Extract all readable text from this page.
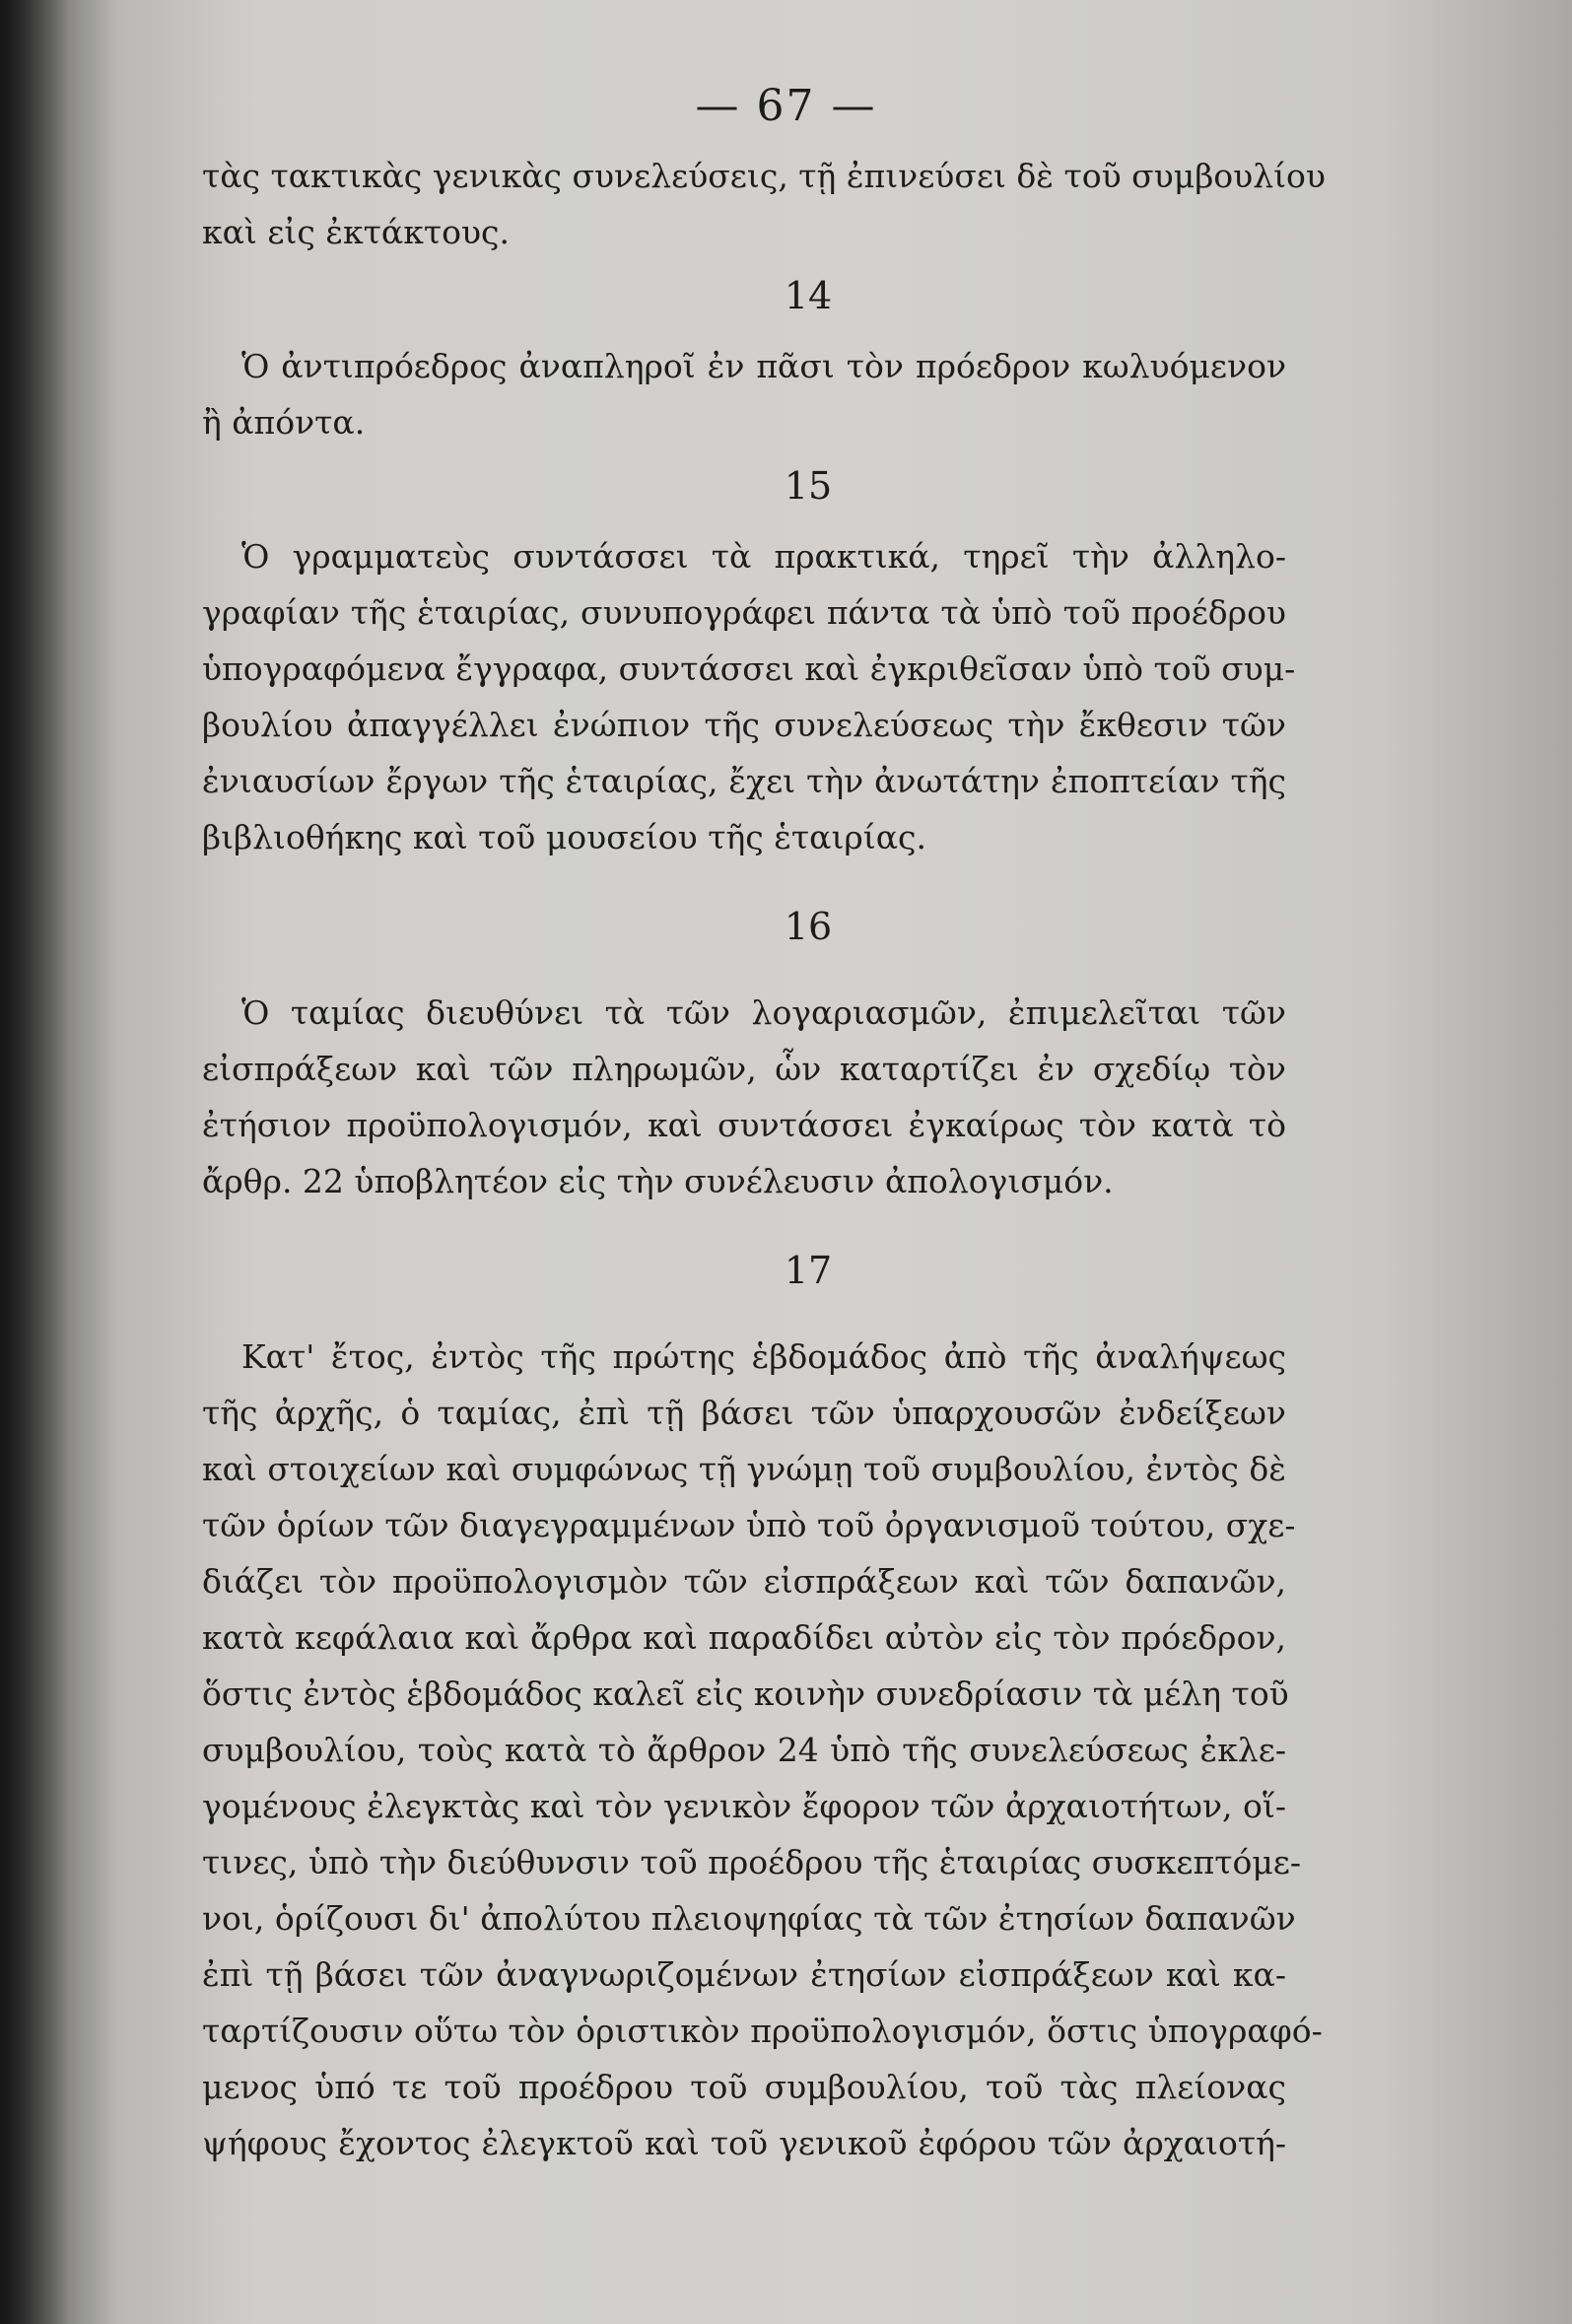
— 67 —
τὰς τακτικὰς γενικὰς συνελεύσεις, τῇ ἐπινεύσει δὲ τοῦ συμβουλίου
καὶ εἰς ἐκτάκτους.
14
Ὁ ἀντιπρόεδρος ἀναπληροῖ ἐν πᾶσι τὸν πρόεδρον κωλυόμενον
ἢ ἀπόντα.
15
Ὁ γραμματεὺς συντάσσει τὰ πρακτικά, τηρεῖ τὴν ἀλληλο-
γραφίαν τῆς ἑταιρίας, συνυπογράφει πάντα τὰ ὑπὸ τοῦ προέδρου
ὑπογραφόμενα ἔγγραφα, συντάσσει καὶ ἐγκριθεῖσαν ὑπὸ τοῦ συμ-
βουλίου ἀπαγγέλλει ἐνώπιον τῆς συνελεύσεως τὴν ἔκθεσιν τῶν
ἐνιαυσίων ἔργων τῆς ἑταιρίας, ἔχει τὴν ἀνωτάτην ἐποπτείαν τῆς
βιβλιοθήκης καὶ τοῦ μουσείου τῆς ἑταιρίας.
16
Ὁ ταμίας διευθύνει τὰ τῶν λογαριασμῶν, ἐπιμελεῖται τῶν
εἰσπράξεων καὶ τῶν πληρωμῶν, ὧν καταρτίζει ἐν σχεδίῳ τὸν
ἐτήσιον προϋπολογισμόν, καὶ συντάσσει ἐγκαίρως τὸν κατὰ τὸ
ἄρθρ. 22 ὑποβλητέον εἰς τὴν συνέλευσιν ἀπολογισμόν.
17
Κατ' ἔτος, ἐντὸς τῆς πρώτης ἑβδομάδος ἀπὸ τῆς ἀναλήψεως
τῆς ἀρχῆς, ὁ ταμίας, ἐπὶ τῇ βάσει τῶν ὑπαρχουσῶν ἐνδείξεων
καὶ στοιχείων καὶ συμφώνως τῇ γνώμῃ τοῦ συμβουλίου, ἐντὸς δὲ
τῶν ὁρίων τῶν διαγεγραμμένων ὑπὸ τοῦ ὀργανισμοῦ τούτου, σχε-
διάζει τὸν προϋπολογισμὸν τῶν εἰσπράξεων καὶ τῶν δαπανῶν,
κατὰ κεφάλαια καὶ ἄρθρα καὶ παραδίδει αὐτὸν εἰς τὸν πρόεδρον,
ὅστις ἐντὸς ἑβδομάδος καλεῖ εἰς κοινὴν συνεδρίασιν τὰ μέλη τοῦ
συμβουλίου, τοὺς κατὰ τὸ ἄρθρον 24 ὑπὸ τῆς συνελεύσεως ἐκλε-
γομένους ἐλεγκτὰς καὶ τὸν γενικὸν ἔφορον τῶν ἀρχαιοτήτων, οἵ-
τινες, ὑπὸ τὴν διεύθυνσιν τοῦ προέδρου τῆς ἑταιρίας συσκεπτόμε-
νοι, ὁρίζουσι δι' ἀπολύτου πλειοψηφίας τὰ τῶν ἐτησίων δαπανῶν
ἐπὶ τῇ βάσει τῶν ἀναγνωριζομένων ἐτησίων εἰσπράξεων καὶ κα-
ταρτίζουσιν οὕτω τὸν ὁριστικὸν προϋπολογισμόν, ὅστις ὑπογραφό-
μενος ὑπό τε τοῦ προέδρου τοῦ συμβουλίου, τοῦ τὰς πλείονας
ψήφους ἔχοντος ἐλεγκτοῦ καὶ τοῦ γενικοῦ ἐφόρου τῶν ἀρχαιοτή-
